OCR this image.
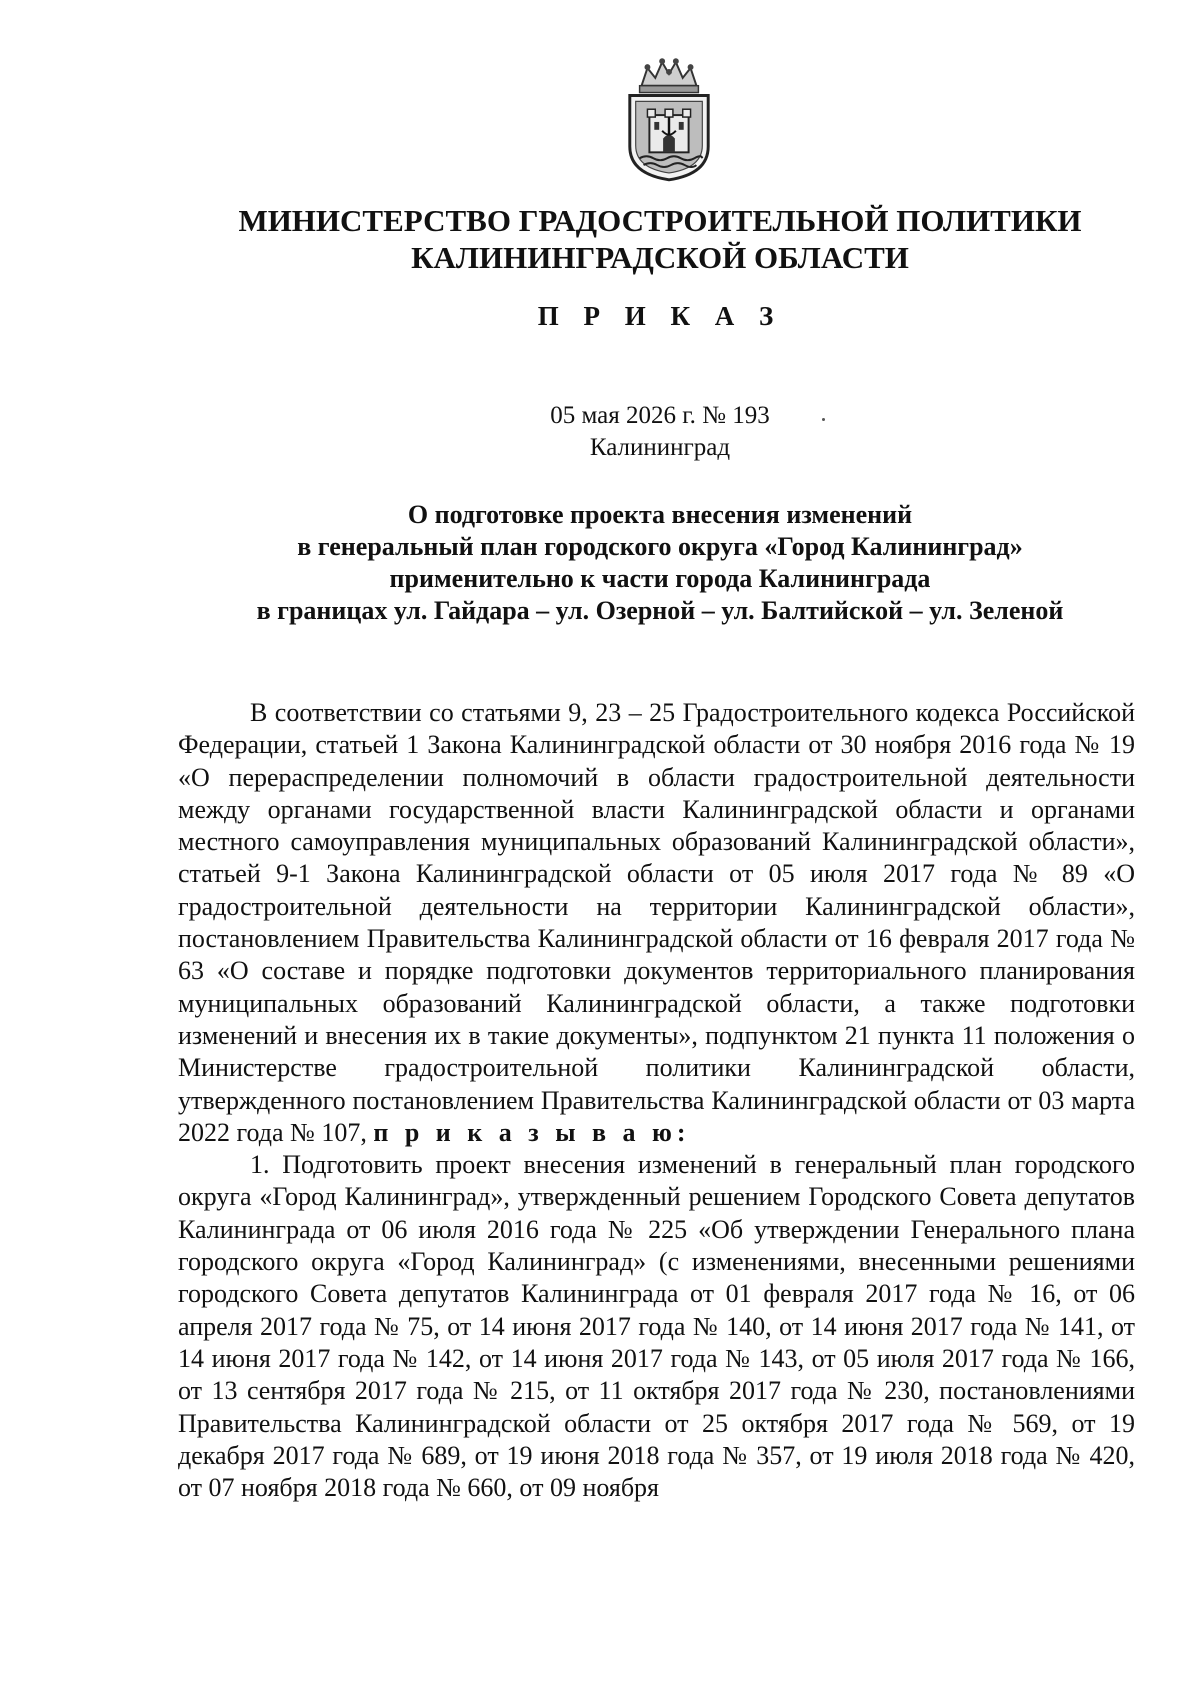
МИНИСТЕРСТВО ГРАДОСТРОИТЕЛЬНОЙ ПОЛИТИКИ
КАЛИНИНГРАДСКОЙ ОБЛАСТИ
П Р И К А З
05 мая 2026 г. № 193
Калининград
О подготовке проекта внесения изменений
в генеральный план городского округа «Город Калининград»
применительно к части города Калининграда
в границах ул. Гайдара – ул. Озерной – ул. Балтийской – ул. Зеленой

В соответствии со статьями 9, 23 – 25 Градостроительного кодекса Российской Федерации, статьей 1 Закона Калининградской области от 30 ноября 2016 года № 19 «О перераспределении полномочий в области градостроительной деятельности между органами государственной власти Калининградской области и органами местного самоуправления муниципальных образований Калининградской области», статьей 9-1 Закона Калининградской области от 05 июля 2017 года № 89 «О градостроительной деятельности на территории Калининградской области», постановлением Правительства Калининградской области от 16 февраля 2017 года № 63 «О составе и порядке подготовки документов территориального планирования муниципальных образований Калининградской области, а также подготовки изменений и внесения их в такие документы», подпунктом 21 пункта 11 положения о Министерстве градостроительной политики Калининградской области, утвержденного постановлением Правительства Калининградской области от 03 марта 2022 года № 107, п р и к а з ы в а ю:

1. Подготовить проект внесения изменений в генеральный план городского округа «Город Калининград», утвержденный решением Городского Совета депутатов Калининграда от 06 июля 2016 года № 225 «Об утверждении Генерального плана городского округа «Город Калининград» (с изменениями, внесенными решениями городского Совета депутатов Калининграда от 01 февраля 2017 года № 16, от 06 апреля 2017 года № 75, от 14 июня 2017 года № 140, от 14 июня 2017 года № 141, от 14 июня 2017 года № 142, от 14 июня 2017 года № 143, от 05 июля 2017 года № 166, от 13 сентября 2017 года № 215, от 11 октября 2017 года № 230, постановлениями Правительства Калининградской области от 25 октября 2017 года № 569, от 19 декабря 2017 года № 689, от 19 июня 2018 года № 357, от 19 июля 2018 года № 420, от 07 ноября 2018 года № 660, от 09 ноября
